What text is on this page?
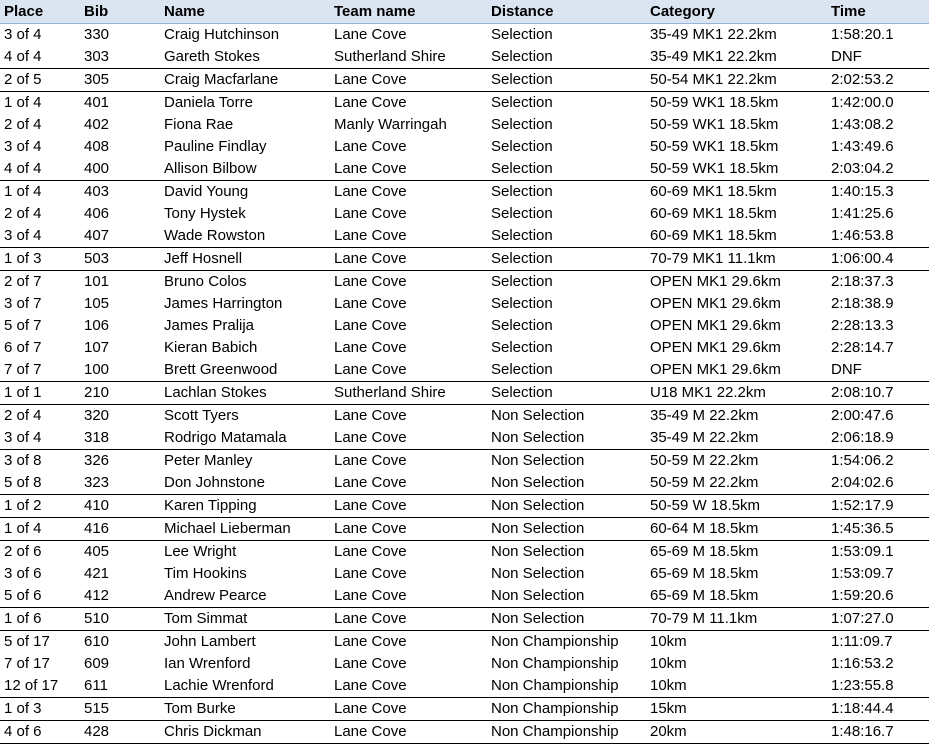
Place	Bib	Name	Team name	Distance	Category	Time
3 of 4	330	Craig Hutchinson	Lane Cove	Selection	35-49 MK1 22.2km	1:58:20.1
4 of 4	303	Gareth Stokes	Sutherland Shire	Selection	35-49 MK1 22.2km	DNF
2 of 5	305	Craig Macfarlane	Lane Cove	Selection	50-54 MK1 22.2km	2:02:53.2
1 of 4	401	Daniela Torre	Lane Cove	Selection	50-59 WK1 18.5km	1:42:00.0
2 of 4	402	Fiona Rae	Manly Warringah	Selection	50-59 WK1 18.5km	1:43:08.2
3 of 4	408	Pauline Findlay	Lane Cove	Selection	50-59 WK1 18.5km	1:43:49.6
4 of 4	400	Allison Bilbow	Lane Cove	Selection	50-59 WK1 18.5km	2:03:04.2
1 of 4	403	David Young	Lane Cove	Selection	60-69 MK1 18.5km	1:40:15.3
2 of 4	406	Tony Hystek	Lane Cove	Selection	60-69 MK1 18.5km	1:41:25.6
3 of 4	407	Wade Rowston	Lane Cove	Selection	60-69 MK1 18.5km	1:46:53.8
1 of 3	503	Jeff Hosnell	Lane Cove	Selection	70-79 MK1 11.1km	1:06:00.4
2 of 7	101	Bruno Colos	Lane Cove	Selection	OPEN MK1 29.6km	2:18:37.3
3 of 7	105	James Harrington	Lane Cove	Selection	OPEN MK1 29.6km	2:18:38.9
5 of 7	106	James Pralija	Lane Cove	Selection	OPEN MK1 29.6km	2:28:13.3
6 of 7	107	Kieran Babich	Lane Cove	Selection	OPEN MK1 29.6km	2:28:14.7
7 of 7	100	Brett Greenwood	Lane Cove	Selection	OPEN MK1 29.6km	DNF
1 of 1	210	Lachlan Stokes	Sutherland Shire	Selection	U18 MK1 22.2km	2:08:10.7
2 of 4	320	Scott Tyers	Lane Cove	Non Selection	35-49 M 22.2km	2:00:47.6
3 of 4	318	Rodrigo Matamala	Lane Cove	Non Selection	35-49 M 22.2km	2:06:18.9
3 of 8	326	Peter Manley	Lane Cove	Non Selection	50-59 M 22.2km	1:54:06.2
5 of 8	323	Don Johnstone	Lane Cove	Non Selection	50-59 M 22.2km	2:04:02.6
1 of 2	410	Karen Tipping	Lane Cove	Non Selection	50-59 W 18.5km	1:52:17.9
1 of 4	416	Michael Lieberman	Lane Cove	Non Selection	60-64 M 18.5km	1:45:36.5
2 of 6	405	Lee Wright	Lane Cove	Non Selection	65-69 M 18.5km	1:53:09.1
3 of 6	421	Tim Hookins	Lane Cove	Non Selection	65-69 M 18.5km	1:53:09.7
5 of 6	412	Andrew Pearce	Lane Cove	Non Selection	65-69 M 18.5km	1:59:20.6
1 of 6	510	Tom Simmat	Lane Cove	Non Selection	70-79 M 11.1km	1:07:27.0
5 of 17	610	John Lambert	Lane Cove	Non Championship	10km	1:11:09.7
7 of 17	609	Ian Wrenford	Lane Cove	Non Championship	10km	1:16:53.2
12 of 17	611	Lachie Wrenford	Lane Cove	Non Championship	10km	1:23:55.8
1 of 3	515	Tom Burke	Lane Cove	Non Championship	15km	1:18:44.4
4 of 6	428	Chris Dickman	Lane Cove	Non Championship	20km	1:48:16.7
